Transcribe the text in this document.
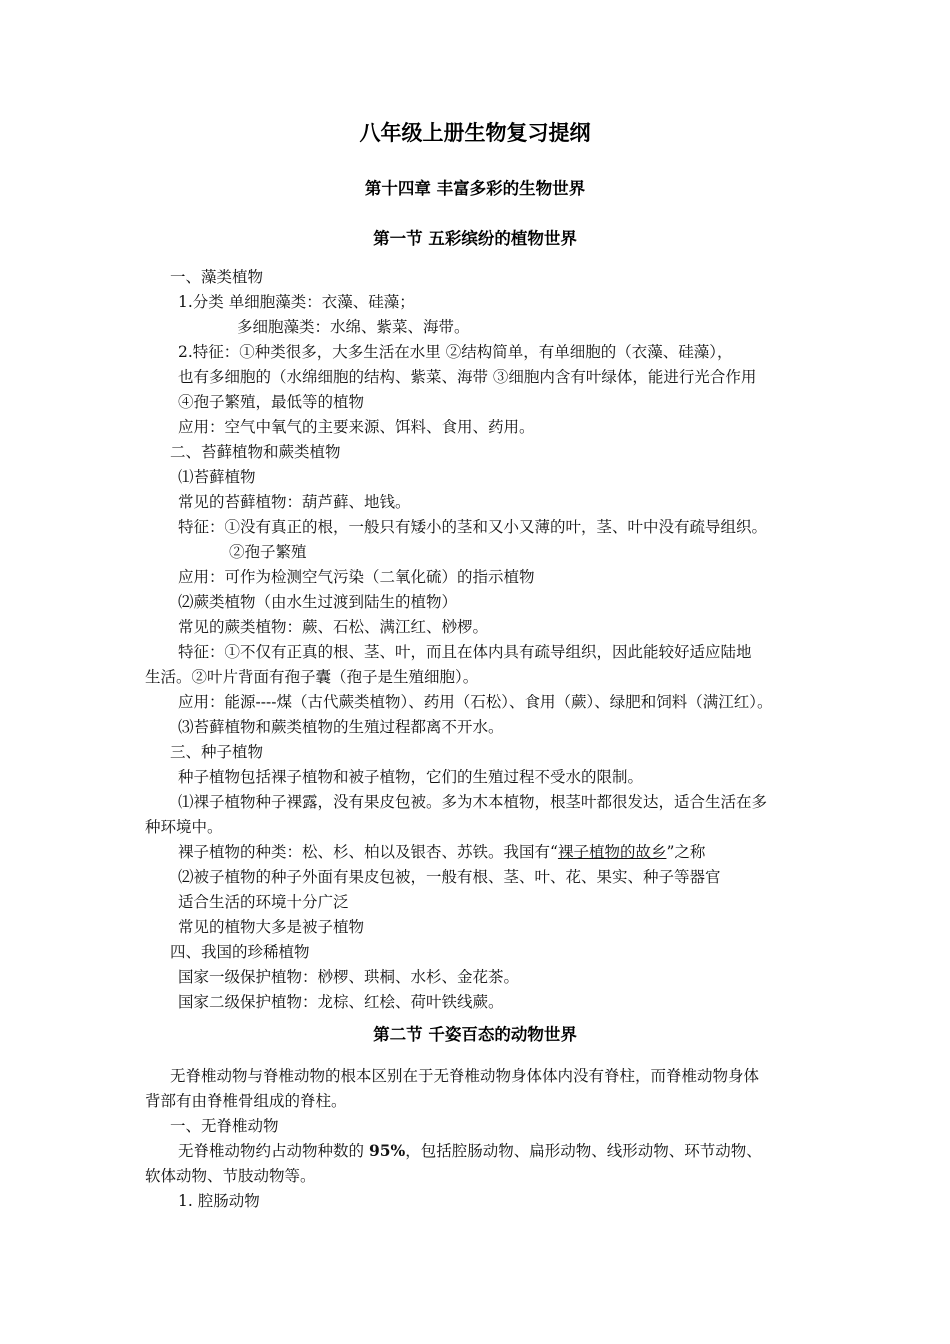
八年级上册生物复习提纲
第十四章 丰富多彩的生物世界
第一节 五彩缤纷的植物世界
一、藻类植物
1.分类 单细胞藻类：衣藻、硅藻；
多细胞藻类：水绵、紫菜、海带。
2.特征：①种类很多，大多生活在水里 ②结构简单，有单细胞的（衣藻、硅藻），
也有多细胞的（水绵细胞的结构、紫菜、海带 ③细胞内含有叶绿体，能进行光合作用
④孢子繁殖，最低等的植物
应用：空气中氧气的主要来源、饵料、食用、药用。
二、苔藓植物和蕨类植物
⑴苔藓植物
常见的苔藓植物：葫芦藓、地钱。
特征：①没有真正的根，一般只有矮小的茎和又小又薄的叶，茎、叶中没有疏导组织。
②孢子繁殖
应用：可作为检测空气污染（二氧化硫）的指示植物
⑵蕨类植物（由水生过渡到陆生的植物）
常见的蕨类植物：蕨、石松、满江红、桫椤。
特征：①不仅有正真的根、茎、叶，而且在体内具有疏导组织，因此能较好适应陆地
生活。②叶片背面有孢子囊（孢子是生殖细胞）。
应用：能源----煤（古代蕨类植物）、药用（石松）、食用（蕨）、绿肥和饲料（满江红）。
⑶苔藓植物和蕨类植物的生殖过程都离不开水。
三、种子植物
种子植物包括裸子植物和被子植物，它们的生殖过程不受水的限制。
⑴裸子植物种子裸露，没有果皮包被。多为木本植物，根茎叶都很发达，适合生活在多
种环境中。
裸子植物的种类：松、杉、柏以及银杏、苏铁。我国有“裸子植物的故乡”之称
⑵被子植物的种子外面有果皮包被，一般有根、茎、叶、花、果实、种子等器官
适合生活的环境十分广泛
常见的植物大多是被子植物
四、我国的珍稀植物
国家一级保护植物：桫椤、珙桐、水杉、金花茶。
国家二级保护植物：龙棕、红桧、荷叶铁线蕨。
第二节 千姿百态的动物世界
无脊椎动物与脊椎动物的根本区别在于无脊椎动物身体体内没有脊柱，而脊椎动物身体
背部有由脊椎骨组成的脊柱。
一、无脊椎动物
无脊椎动物约占动物种数的 95%，包括腔肠动物、扁形动物、线形动物、环节动物、
软体动物、节肢动物等。
1. 腔肠动物
